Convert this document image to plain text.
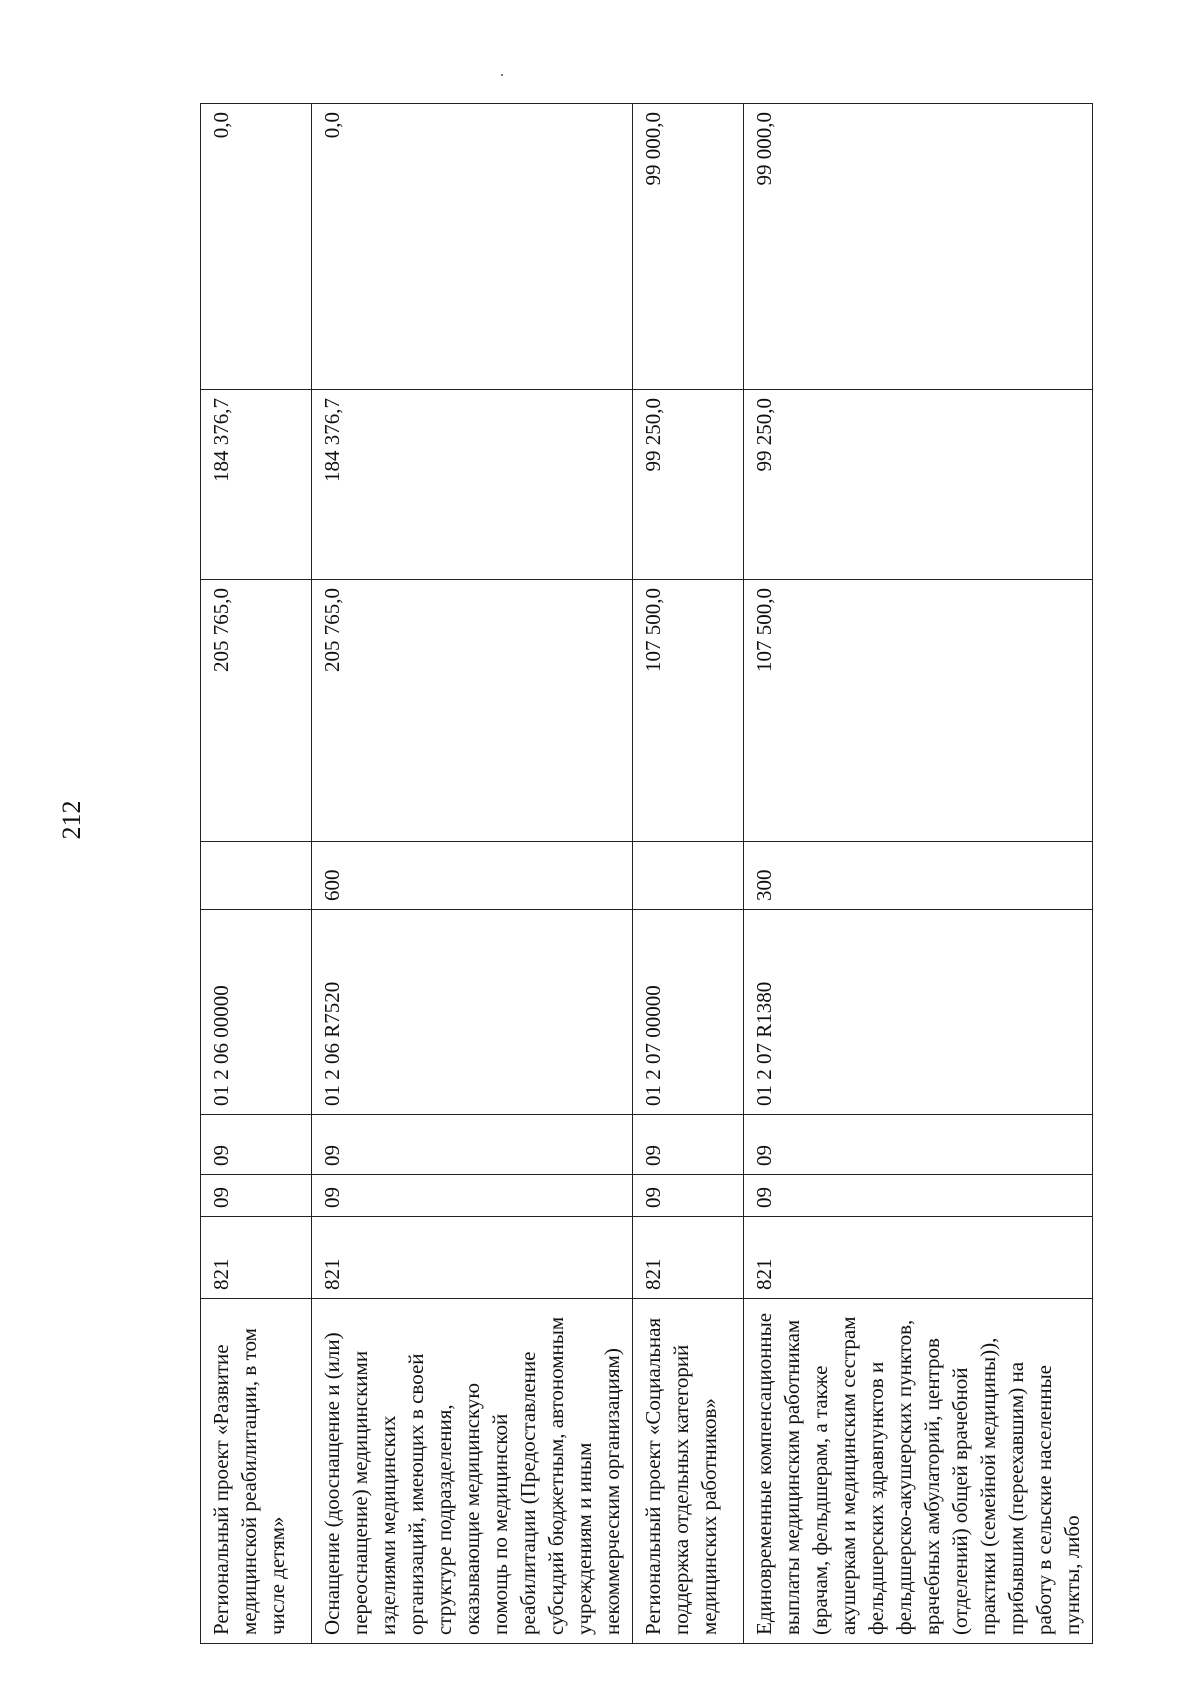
212
Региональный проект «Развитие медицинской реабилитации, в том числе детям»	821	09	09	01 2 06 00000		205 765,0	184 376,7	0,0
Оснащение (дооснащение и (или) переоснащение) медицинскими изделиями медицинских организаций, имеющих в своей структуре подразделения, оказывающие медицинскую помощь по медицинской реабилитации (Предоставление субсидий бюджетным, автономным учреждениям и иным некоммерческим организациям)	821	09	09	01 2 06 R7520	600	205 765,0	184 376,7	0,0
Региональный проект «Социальная поддержка отдельных категорий медицинских работников»	821	09	09	01 2 07 00000		107 500,0	99 250,0	99 000,0
Единовременные компенсационные выплаты медицинским работникам (врачам, фельдшерам, а также акушеркам и медицинским сестрам фельдшерских здравпунктов и фельдшерско-акушерских пунктов, врачебных амбулаторий, центров (отделений) общей врачебной практики (семейной медицины)), прибывшим (переехавшим) на работу в сельские населенные пункты, либо	821	09	09	01 2 07 R1380	300	107 500,0	99 250,0	99 000,0
